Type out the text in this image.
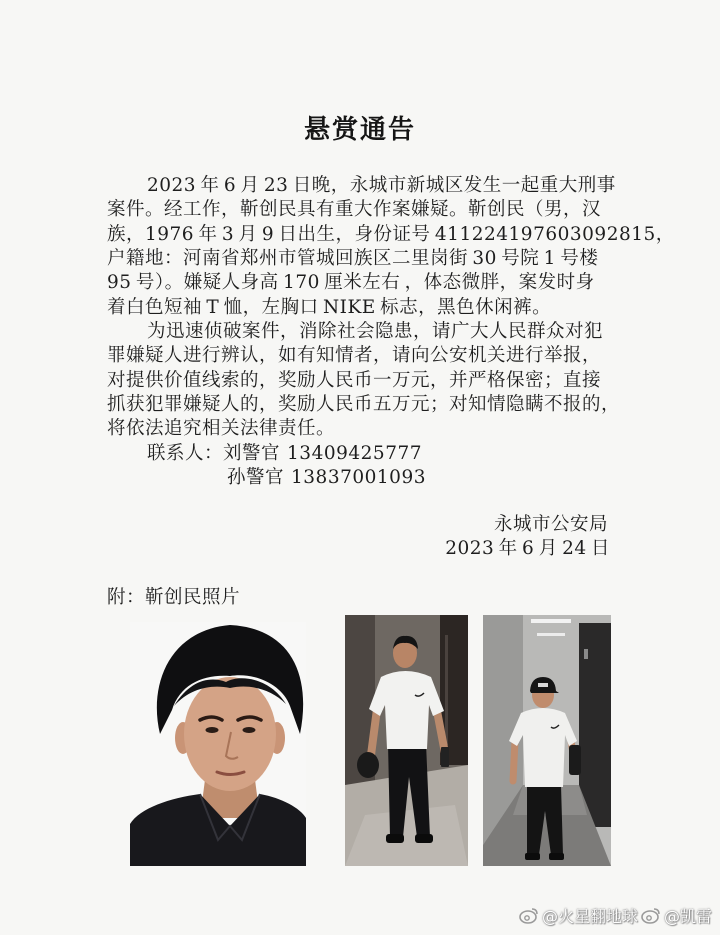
悬赏通告
2023 年 6 月 23 日晚，永城市新城区发生一起重大刑事
案件。经工作，靳创民具有重大作案嫌疑。靳创民（男，汉
族，1976 年 3 月 9 日出生，身份证号 411224197603092815，
户籍地：河南省郑州市管城回族区二里岗街 30 号院 1 号楼
95 号）。嫌疑人身高 170 厘米左右 ，体态微胖，案发时身
着白色短袖 T 恤，左胸口 NIKE 标志，黑色休闲裤。
为迅速侦破案件，消除社会隐患，请广大人民群众对犯
罪嫌疑人进行辨认，如有知情者，请向公安机关进行举报，
对提供价值线索的，奖励人民币一万元，并严格保密；直接
抓获犯罪嫌疑人的，奖励人民币五万元；对知情隐瞒不报的，
将依法追究相关法律责任。
联系人：刘警官 13409425777
孙警官 13837001093
永城市公安局
2023 年 6 月 24 日
附：靳创民照片
@火星翻地球 @凯雷
